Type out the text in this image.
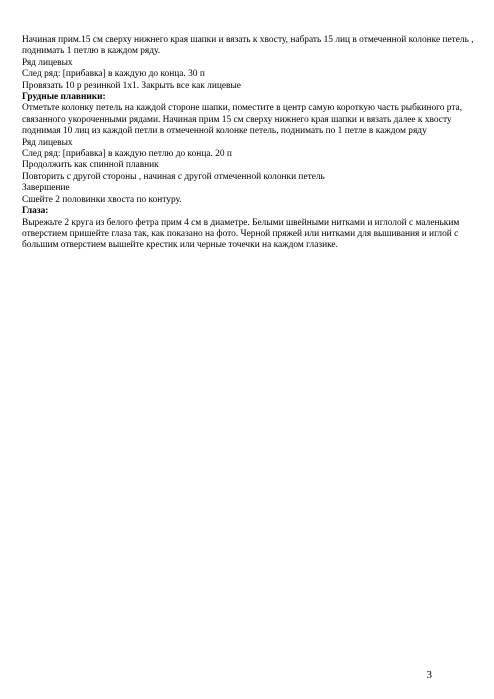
Начиная прим.15 см сверху нижнего края шапки и вязать к хвосту, набрать 15 лиц в отмеченной колонке петель , поднимать 1 петлю в каждом ряду.
Ряд лицевых
След ряд: [прибавка] в каждую до конца. 30 п
Провязать 10 р резинкой 1х1. Закрыть все как лицевые
Грудные плавники:
Отметьте колонку петель на каждой стороне шапки, поместите в центр самую короткую часть рыбкиного рта, связанного укороченными рядами. Начиная прим 15 см сверху нижнего края шапки и вязать далее к хвосту поднимая 10 лиц из каждой петли в отмеченной колонке петель, поднимать по 1 петле в каждом ряду
Ряд лицевых
След ряд: [прибавка] в каждую петлю до конца. 20 п
Продолжить как спинной плавник
Повторить с другой стороны , начиная с другой отмеченной колонки петель
Завершение
Сшейте 2 половинки хвоста по контуру.
Глаза:
Вырежьте 2 круга из белого фетра прим 4 см в диаметре. Белыми швейными нитками и иглолой с маленьким отверстием пришейте глаза так, как показано на фото. Черной пряжей или нитками для вышивания и иглой с большим отверстием вышейте крестик или черные точечки на каждом глазике.
3
